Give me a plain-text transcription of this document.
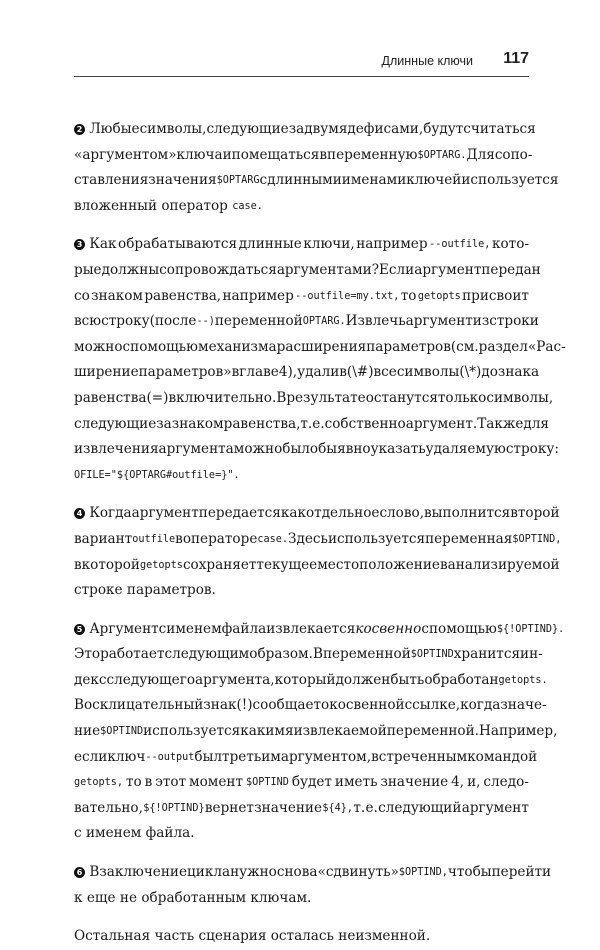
Длинные ключи 117
2 Любые символы, следующие за двумя дефисами, будут считаться
«аргументом» ключа и помещаться в переменную $OPTARG. Для сопо-
ставления значения $OPTARG с длинными именами ключей используется
вложенный оператор case.
3 Как обрабатываются длинные ключи, например --outfile, кото-
рые должны сопровождаться аргументами? Если аргумент передан
со знаком равенства, например --outfile=my.txt, то getopts присвоит
всю строку (после --) переменной OPTARG. Извлечь аргумент из строки
можно с помощью механизма расширения параметров (см. раздел «Рас-
ширение параметров» в главе 4), удалив (\#) все символы (\*) до знака
равенства (=) включительно. В результате останутся только символы,
следующие за знаком равенства, т. е. собственно аргумент. Также для
извлечения аргумента можно было бы явно указать удаляемую строку:
OFILE="${OPTARG#outfile=}".
4 Когда аргумент передается как отдельное слово, выполнится второй
вариант outfile в операторе case. Здесь используется переменная $OPTIND,
в которой getopts сохраняет текущее местоположение в анализируемой
строке параметров.
5 Аргумент с именем файла извлекается косвенно с помощью ${!OPTIND}.
Это работает следующим образом. В переменной $OPTIND хранится ин-
декс следующего аргумента, который должен быть обработан getopts.
Восклицательный знак (!) сообщает о косвенной ссылке, когда значе-
ние $OPTIND используется как имя извлекаемой переменной. Например,
если ключ --output был третьим аргументом, встреченным командой
getopts, то в этот момент $OPTIND будет иметь значение 4, и, следо-
вательно, ${!OPTIND} вернет значение ${4}, т. е. следующий аргумент
с именем файла.
6 В заключение цикла нужно снова «сдвинуть» $OPTIND, чтобы перейти
к еще не обработанным ключам.
Остальная часть сценария осталась неизменной.
